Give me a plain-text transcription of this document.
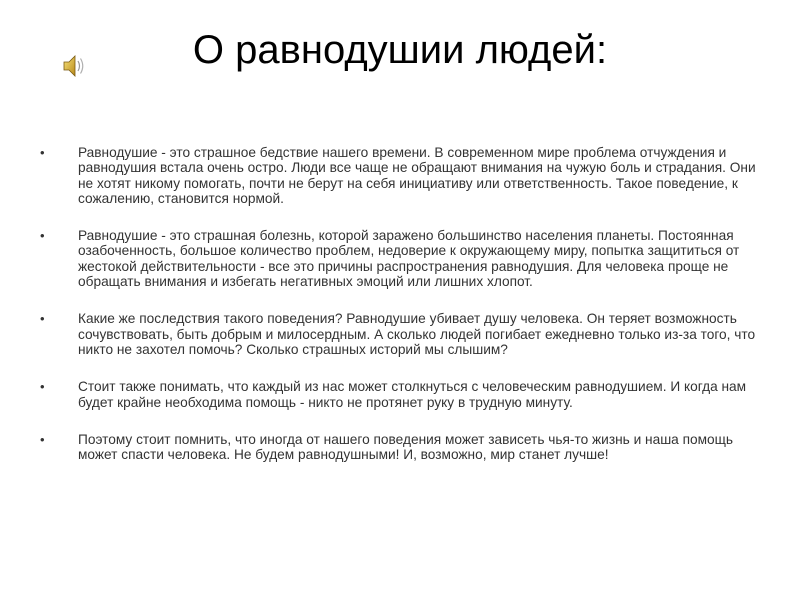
О равнодушии людей:
• Равнодушие - это страшное бедствие нашего времени. В современном мире проблема отчуждения и равнодушия встала очень остро. Люди все чаще не обращают внимания на чужую боль и страдания. Они не хотят никому помогать, почти не берут на себя инициативу или ответственность. Такое поведение, к сожалению, становится нормой.
• Равнодушие - это страшная болезнь, которой заражено большинство населения планеты. Постоянная озабоченность, большое количество проблем, недоверие к окружающему миру, попытка защититься от жестокой действительности - все это причины распространения равнодушия. Для человека проще не обращать внимания и избегать негативных эмоций или лишних хлопот.
• Какие же последствия такого поведения? Равнодушие убивает душу человека. Он теряет возможность сочувствовать, быть добрым и милосердным. А сколько людей погибает ежедневно только из-за того, что никто не захотел помочь? Сколько страшных историй мы слышим?
• Стоит также понимать, что каждый из нас может столкнуться с человеческим равнодушием. И когда нам будет крайне необходима помощь - никто не протянет руку в трудную минуту.
• Поэтому стоит помнить, что иногда от нашего поведения может зависеть чья-то жизнь и наша помощь может спасти человека. Не будем равнодушными! И, возможно, мир станет лучше!
